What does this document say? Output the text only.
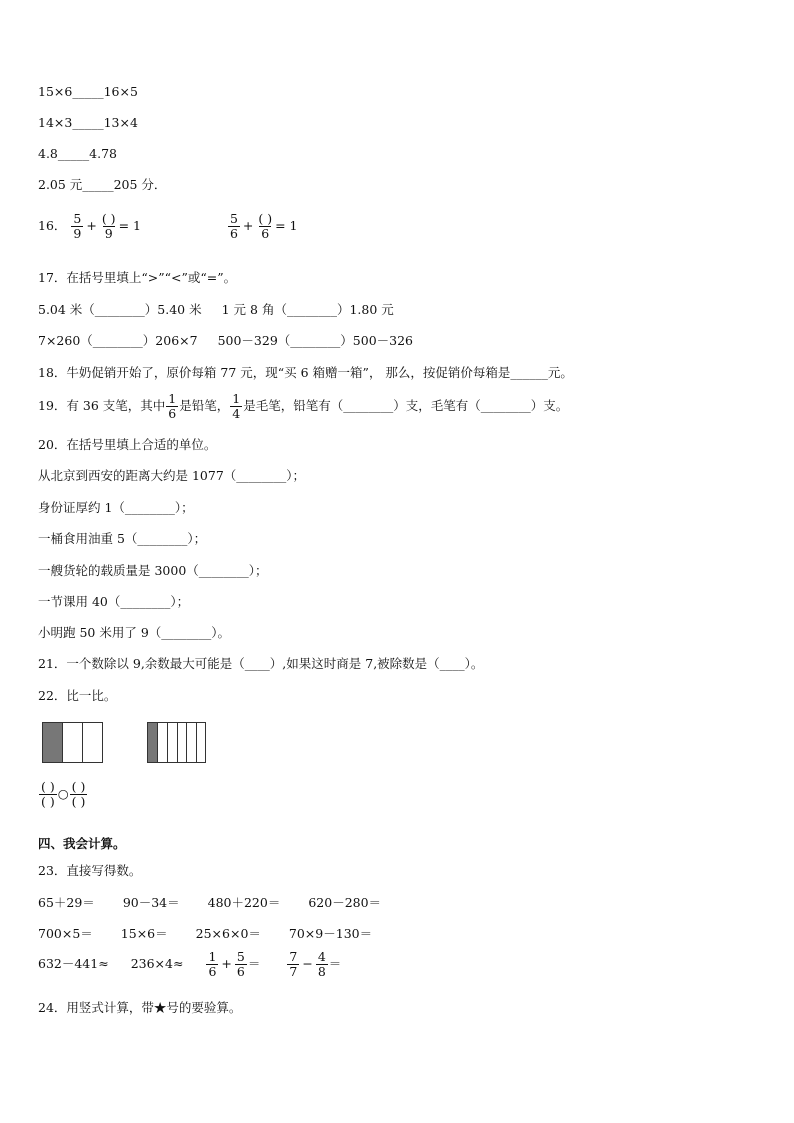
15×6_____16×5
14×3_____13×4
4.8_____4.78
2.05 元_____205 分．
16． $\frac{5}{9} + \frac{( )}{9} = 1$	$\frac{5}{6} + \frac{( )}{6} = 1$
17．在括号里填上“>”“<”或“=”。
5.04 米（________）5.40 米 1 元 8 角（________）1.80 元
7×260（________）206×7 500－329（________）500－326
18．牛奶促销开始了，原价每箱 77 元，现“买 6 箱赠一箱”， 那么，按促销价每箱是______元。
19．有 36 支笔，其中 $\frac{1}{6}$ 是铅笔， $\frac{1}{4}$ 是毛笔，铅笔有（________）支，毛笔有（________）支。
20．在括号里填上合适的单位。
从北京到西安的距离大约是 1077（________）；
身份证厚约 1（________）；
一桶食用油重 5（________）；
一艘货轮的载质量是 3000（________）；
一节课用 40（________）；
小明跑 50 米用了 9（________）。
21．一个数除以 9,余数最大可能是（____）,如果这时商是 7,被除数是（____）。
22．比一比。
$\frac{( )}{( )}$ ○ $\frac{( )}{( )}$
四、我会计算。
23．直接写得数。
65＋29＝ 90－34＝ 480＋220＝ 620－280＝
700×5＝ 15×6＝ 25×6×0＝ 70×9－130＝
$632-441\approx 236\times 4\approx \frac{1}{6} + \frac{5}{6} = \frac{7}{7} - \frac{4}{8}$ ＝
24．用竖式计算，带★号的要验算。
